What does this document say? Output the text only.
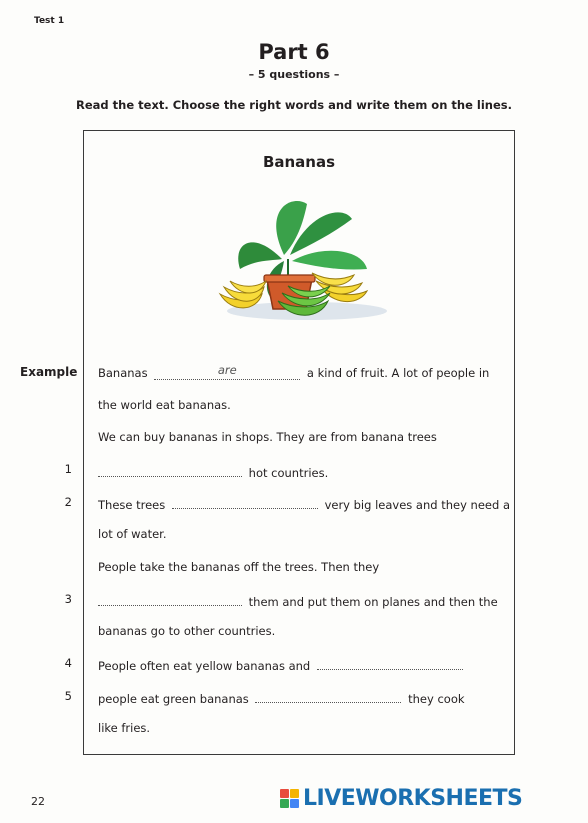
Test 1
Part 6
– 5 questions –
Read the text. Choose the right words and write them on the lines.
Example
1
2
3
4
5
Bananas
Bananas	are	a kind of fruit. A lot of people in
the world eat bananas.
We can buy bananas in shops. They are from banana trees
hot countries.
These trees	very big leaves and they need a
lot of water.
People take the bananas off the trees. Then they
them and put them on planes and then the
bananas go to other countries.
People often eat yellow bananas and
people eat green bananas	they cook
like fries.
22	LIVEWORKSHEETS
